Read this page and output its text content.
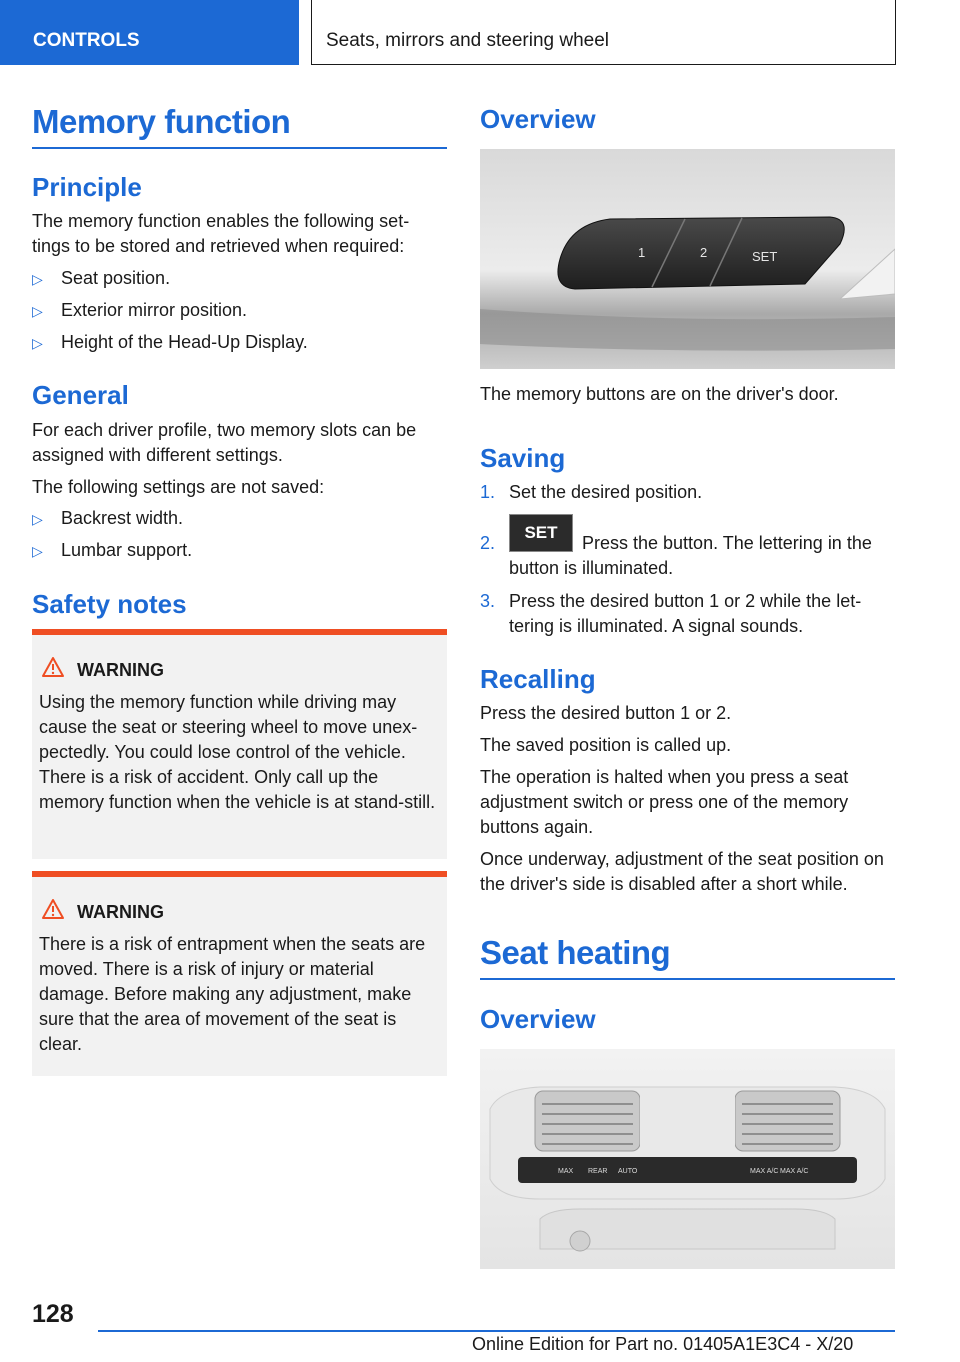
CONTROLS	Seats, mirrors and steering wheel
Memory function
Principle
The memory function enables the following set-tings to be stored and retrieved when required:
▷ Seat position.
▷ Exterior mirror position.
▷ Height of the Head-Up Display.
General
For each driver profile, two memory slots can be assigned with different settings.
The following settings are not saved:
▷ Backrest width.
▷ Lumbar support.
Safety notes
WARNING
Using the memory function while driving may cause the seat or steering wheel to move unex-pectedly. You could lose control of the vehicle. There is a risk of accident. Only call up the memory function when the vehicle is at stand-still.
WARNING
There is a risk of entrapment when the seats are moved. There is a risk of injury or material damage. Before making any adjustment, make sure that the area of movement of the seat is clear.
Overview
1	2	SET
The memory buttons are on the driver's door.
Saving
1. Set the desired position.
2.
SET
Press the button. The lettering in the button is illuminated.
3. Press the desired button 1 or 2 while the let-tering is illuminated. A signal sounds.
Recalling
Press the desired button 1 or 2.
The saved position is called up.
The operation is halted when you press a seat adjustment switch or press one of the memory buttons again.
Once underway, adjustment of the seat position on the driver's side is disabled after a short while.
Seat heating
Overview
MAX REAR AUTO	MAX A/C MAX A/C
128
Online Edition for Part no. 01405A1E3C4 - X/20
